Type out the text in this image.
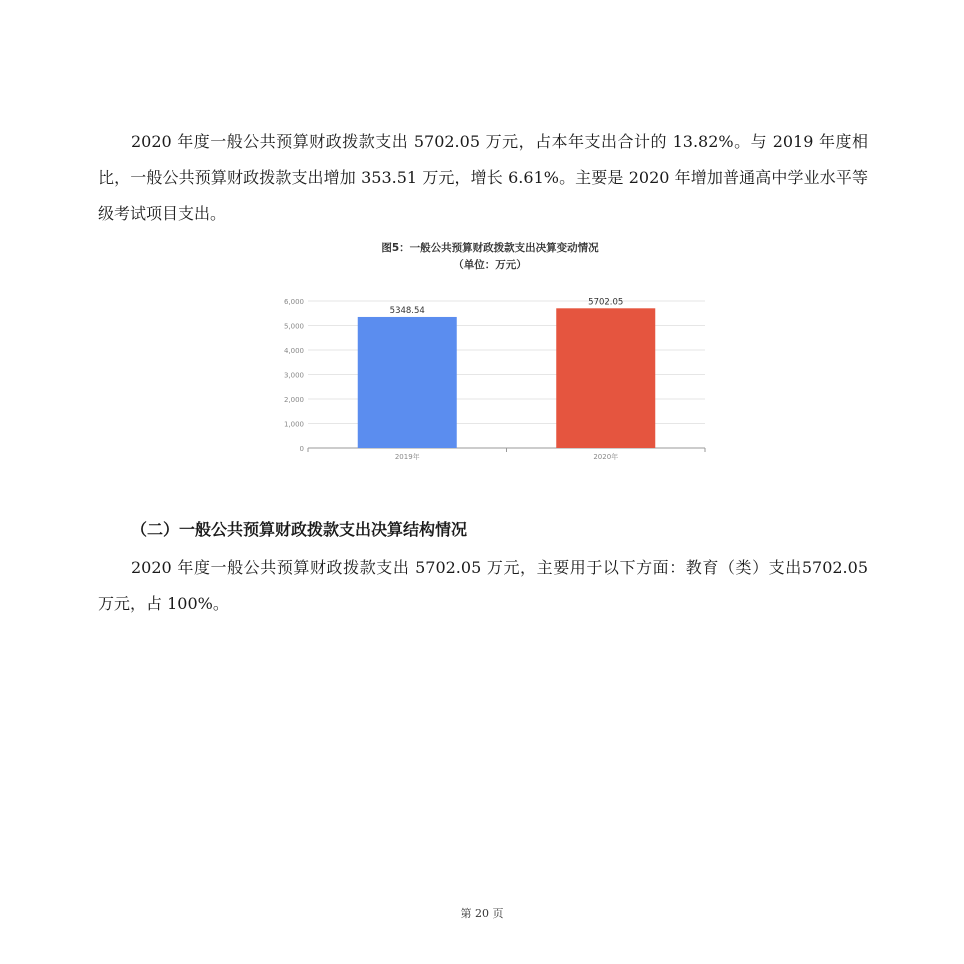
2020 年度一般公共预算财政拨款支出 5702.05 万元，占本年支出合计的 13.82%。与 2019 年度相比，一般公共预算财政拨款支出增加 353.51 万元，增长 6.61%。主要是 2020 年增加普通高中学业水平等级考试项目支出。

图5：一般公共预算财政拨款支出决算变动情况
（单位：万元）
0
1,000
2,000
3,000
4,000
5,000
6,000
5348.54
2019年
5702.05
2020年

（二）一般公共预算财政拨款支出决算结构情况

2020 年度一般公共预算财政拨款支出 5702.05 万元，主要用于以下方面：教育（类）支出5702.05 万元，占 100%。

第 20 页
